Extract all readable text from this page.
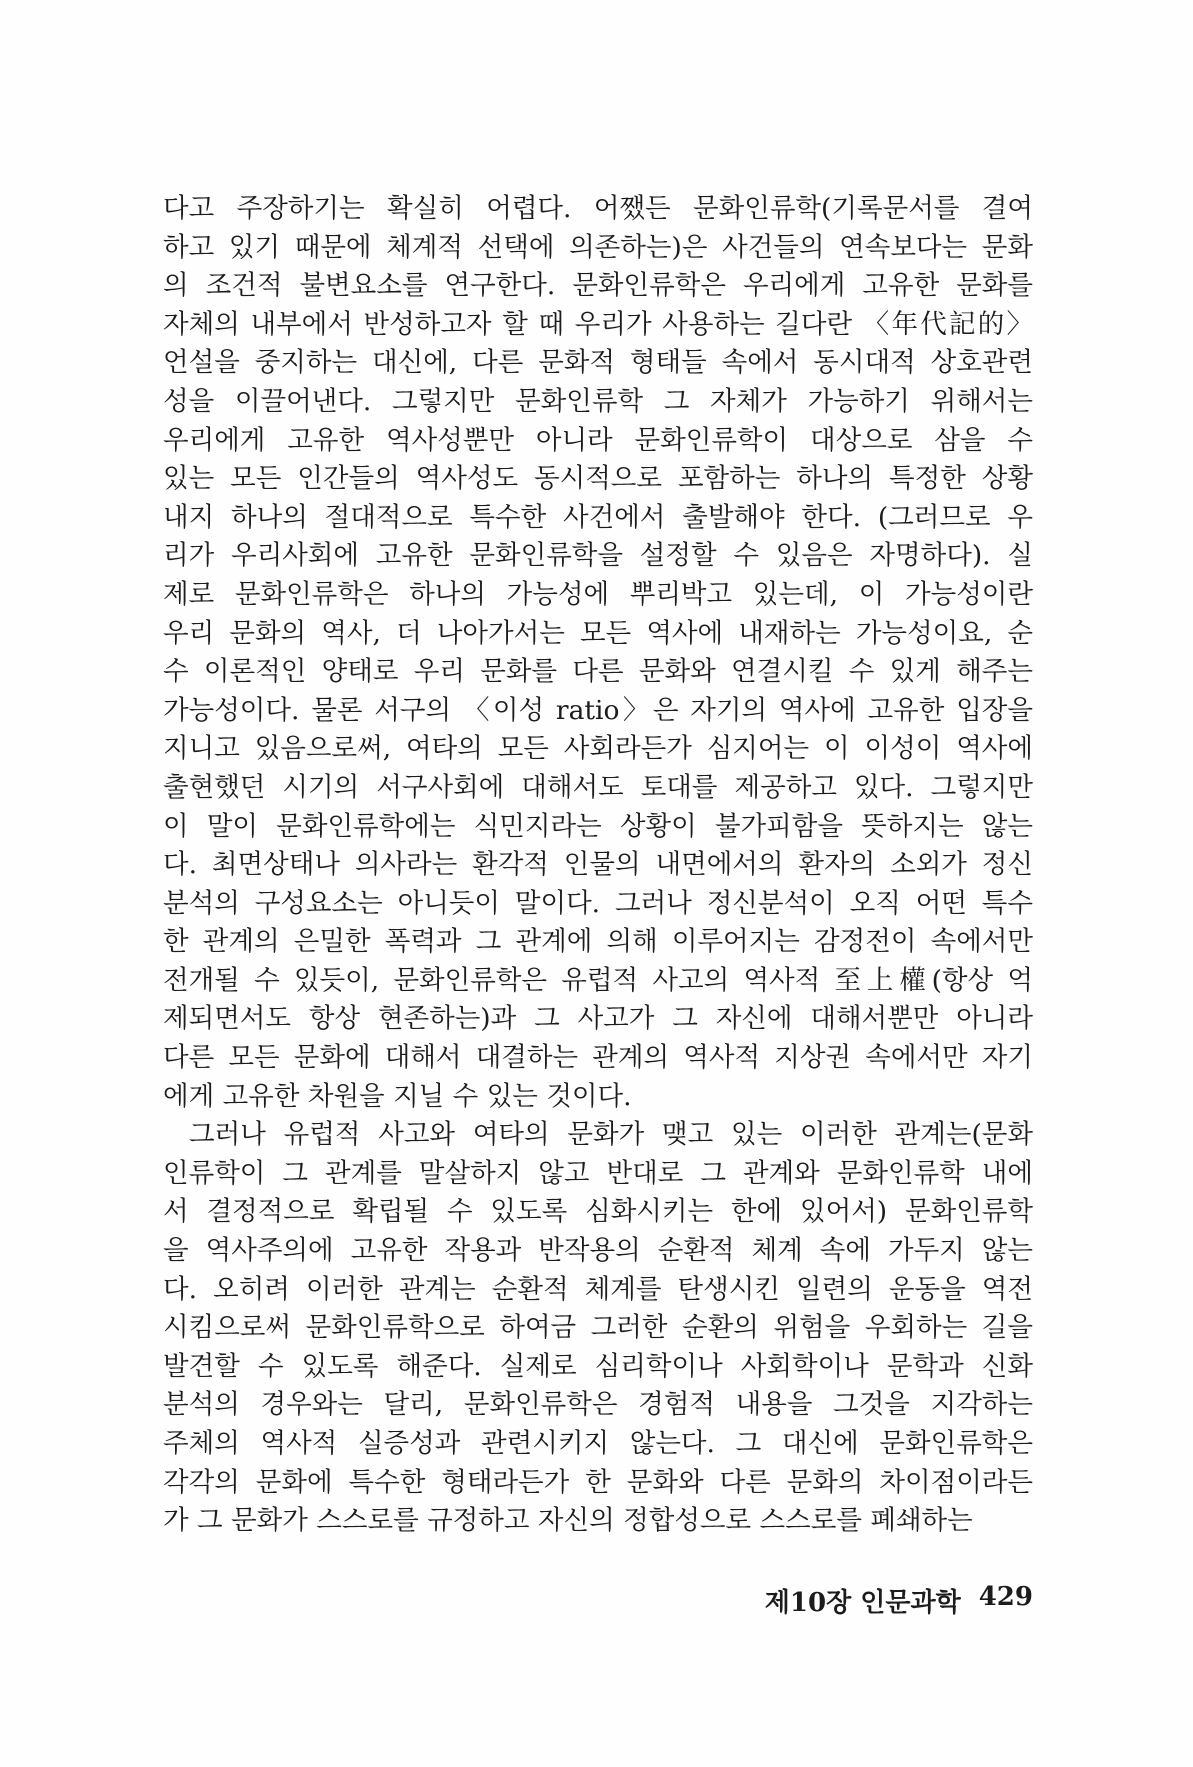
다고 주장하기는 확실히 어렵다. 어쨌든 문화인류학(기록문서를 결여
하고 있기 때문에 체계적 선택에 의존하는)은 사건들의 연속보다는 문화
의 조건적 불변요소를 연구한다. 문화인류학은 우리에게 고유한 문화를
자체의 내부에서 반성하고자 할 때 우리가 사용하는 길다란 〈年代記的〉
언설을 중지하는 대신에, 다른 문화적 형태들 속에서 동시대적 상호관련
성을 이끌어낸다. 그렇지만 문화인류학 그 자체가 가능하기 위해서는
우리에게 고유한 역사성뿐만 아니라 문화인류학이 대상으로 삼을 수
있는 모든 인간들의 역사성도 동시적으로 포함하는 하나의 특정한 상황
내지 하나의 절대적으로 특수한 사건에서 출발해야 한다. (그러므로 우
리가 우리사회에 고유한 문화인류학을 설정할 수 있음은 자명하다). 실
제로 문화인류학은 하나의 가능성에 뿌리박고 있는데, 이 가능성이란
우리 문화의 역사, 더 나아가서는 모든 역사에 내재하는 가능성이요, 순
수 이론적인 양태로 우리 문화를 다른 문화와 연결시킬 수 있게 해주는
가능성이다. 물론 서구의 〈이성 ratio〉은 자기의 역사에 고유한 입장을
지니고 있음으로써, 여타의 모든 사회라든가 심지어는 이 이성이 역사에
출현했던 시기의 서구사회에 대해서도 토대를 제공하고 있다. 그렇지만
이 말이 문화인류학에는 식민지라는 상황이 불가피함을 뜻하지는 않는
다. 최면상태나 의사라는 환각적 인물의 내면에서의 환자의 소외가 정신
분석의 구성요소는 아니듯이 말이다. 그러나 정신분석이 오직 어떤 특수
한 관계의 은밀한 폭력과 그 관계에 의해 이루어지는 감정전이 속에서만
전개될 수 있듯이, 문화인류학은 유럽적 사고의 역사적 至上權(항상 억
제되면서도 항상 현존하는)과 그 사고가 그 자신에 대해서뿐만 아니라
다른 모든 문화에 대해서 대결하는 관계의 역사적 지상권 속에서만 자기
에게 고유한 차원을 지닐 수 있는 것이다.
그러나 유럽적 사고와 여타의 문화가 맺고 있는 이러한 관계는(문화
인류학이 그 관계를 말살하지 않고 반대로 그 관계와 문화인류학 내에
서 결정적으로 확립될 수 있도록 심화시키는 한에 있어서) 문화인류학
을 역사주의에 고유한 작용과 반작용의 순환적 체계 속에 가두지 않는
다. 오히려 이러한 관계는 순환적 체계를 탄생시킨 일련의 운동을 역전
시킴으로써 문화인류학으로 하여금 그러한 순환의 위험을 우회하는 길을
발견할 수 있도록 해준다. 실제로 심리학이나 사회학이나 문학과 신화
분석의 경우와는 달리, 문화인류학은 경험적 내용을 그것을 지각하는
주체의 역사적 실증성과 관련시키지 않는다. 그 대신에 문화인류학은
각각의 문화에 특수한 형태라든가 한 문화와 다른 문화의 차이점이라든
가 그 문화가 스스로를 규정하고 자신의 정합성으로 스스로를 폐쇄하는
제10장 인문과학 429
